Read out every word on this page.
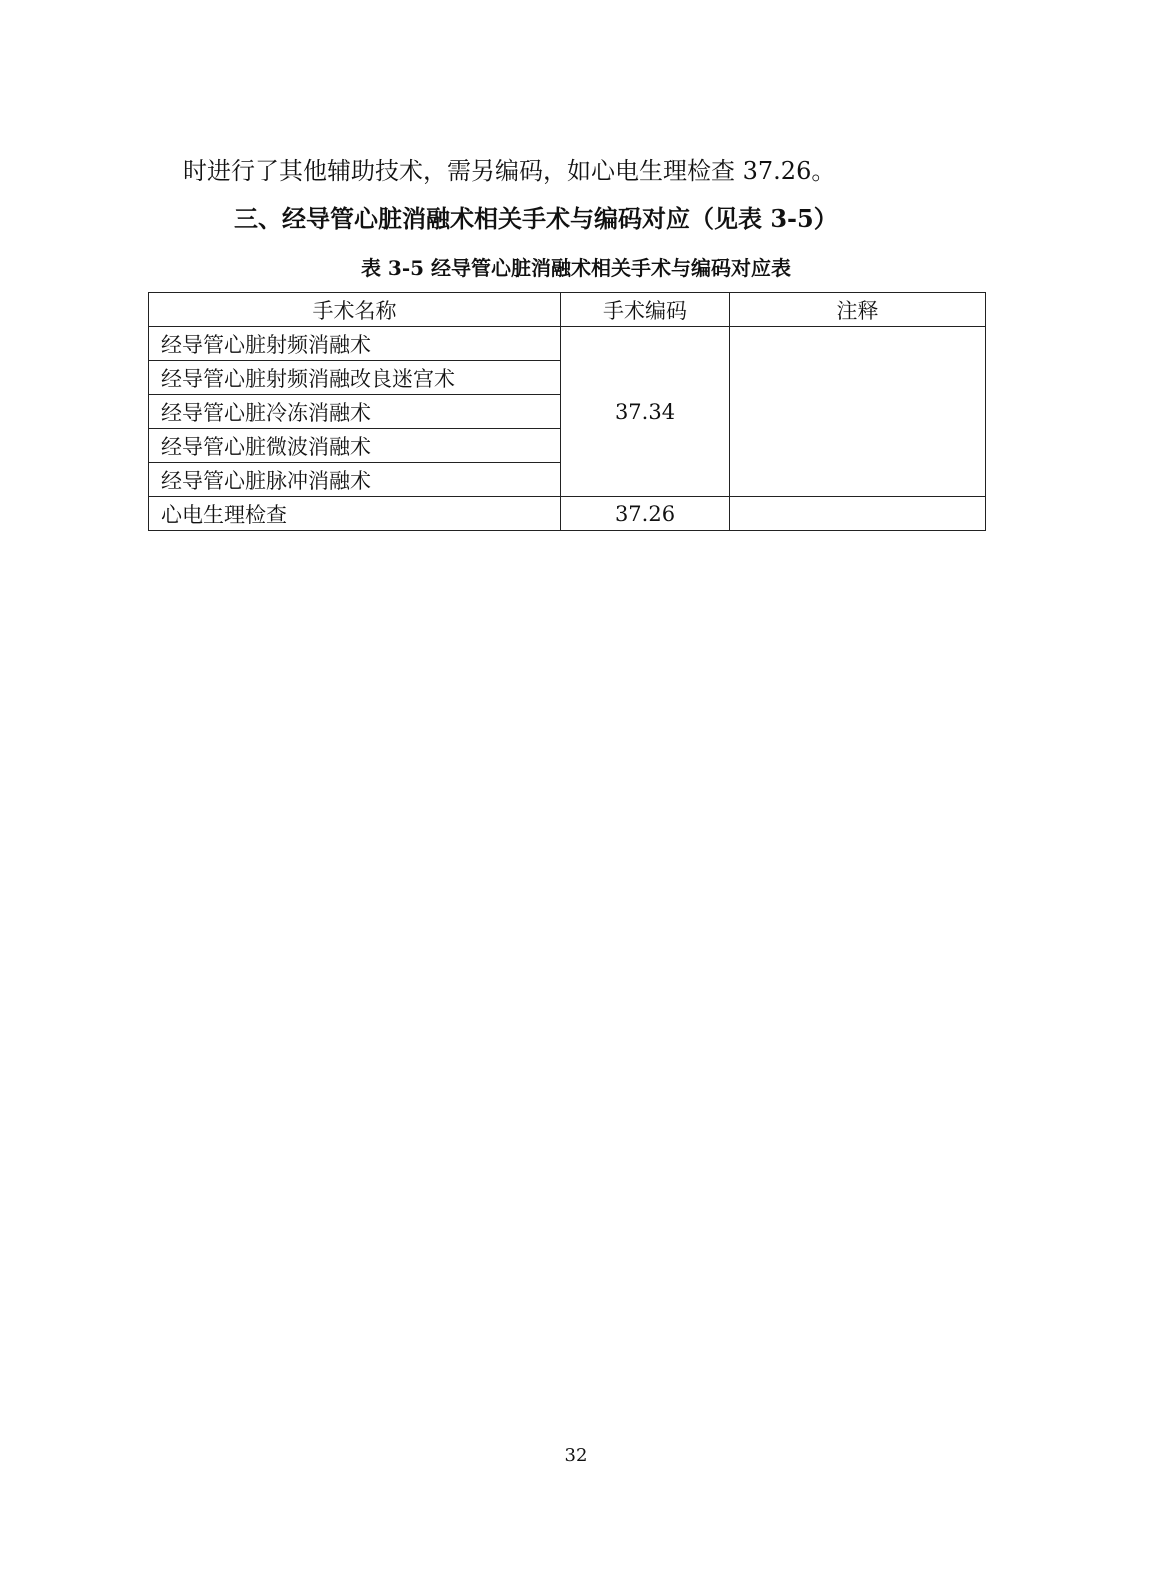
时进行了其他辅助技术，需另编码，如心电生理检查 37.26。

三、经导管心脏消融术相关手术与编码对应（见表 3-5）

表 3-5 经导管心脏消融术相关手术与编码对应表

手术名称	手术编码	注释
经导管心脏射频消融术	37.34	
经导管心脏射频消融改良迷宫术		
经导管心脏冷冻消融术		
经导管心脏微波消融术		
经导管心脏脉冲消融术		
心电生理检查	37.26	

32
